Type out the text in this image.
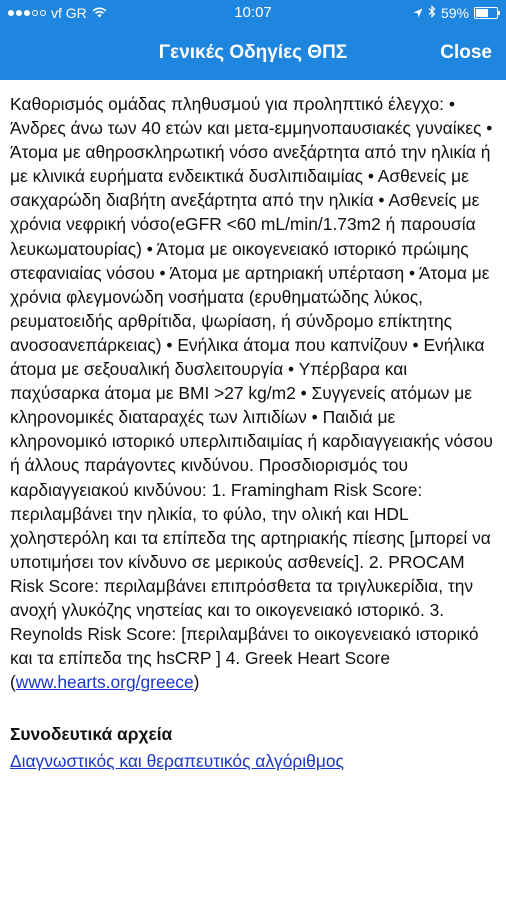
vf GR	10:07	59%
Γενικές Οδηγίες ΘΠΣ	Close

Καθορισμός ομάδας πληθυσμού για προληπτικό έλεγχο: • Άνδρες άνω των 40 ετών και μετα-εμμηνοπαυσιακές γυναίκες • Άτομα με αθηροσκληρωτική νόσο ανεξάρτητα από την ηλικία ή με κλινικά ευρήματα ενδεικτικά δυσλιπιδαιμίας • Ασθενείς με σακχαρώδη διαβήτη ανεξάρτητα από την ηλικία • Ασθενείς με χρόνια νεφρική νόσο(eGFR <60 mL/min/1.73m2 ή παρουσία λευκωματουρίας) • Άτομα με οικογενειακό ιστορικό πρώιμης στεφανιαίας νόσου • Άτομα με αρτηριακή υπέρταση • Άτομα με χρόνια φλεγμονώδη νοσήματα (ερυθηματώδης λύκος, ρευματοειδής αρθρίτιδα, ψωρίαση, ή σύνδρομο επίκτητης ανοσοανεπάρκειας) • Ενήλικα άτομα που καπνίζουν • Ενήλικα άτομα με σεξουαλική δυσλειτουργία • Υπέρβαρα και παχύσαρκα άτομα με BMI >27 kg/m2 • Συγγενείς ατόμων με κληρονομικές διαταραχές των λιπιδίων • Παιδιά με κληρονομικό ιστορικό υπερλιπιδαιμίας ή καρδιαγγειακής νόσου ή άλλους παράγοντες κινδύνου. Προσδιορισμός του καρδιαγγειακού κινδύνου: 1. Framingham Risk Score: περιλαμβάνει την ηλικία, το φύλο, την ολική και HDL χοληστερόλη και τα επίπεδα της αρτηριακής πίεσης [μπορεί να υποτιμήσει τον κίνδυνο σε μερικούς ασθενείς]. 2. PROCAM Risk Score: περιλαμβάνει επιπρόσθετα τα τριγλυκερίδια, την ανοχή γλυκόζης νηστείας και το οικογενειακό ιστορικό. 3. Reynolds Risk Score: [περιλαμβάνει το οικογενειακό ιστορικό και τα επίπεδα της hsCRP ] 4. Greek Heart Score (www.hearts.org/greece)

Συνοδευτικά αρχεία
Διαγνωστικός και θεραπευτικός αλγόριθμος
